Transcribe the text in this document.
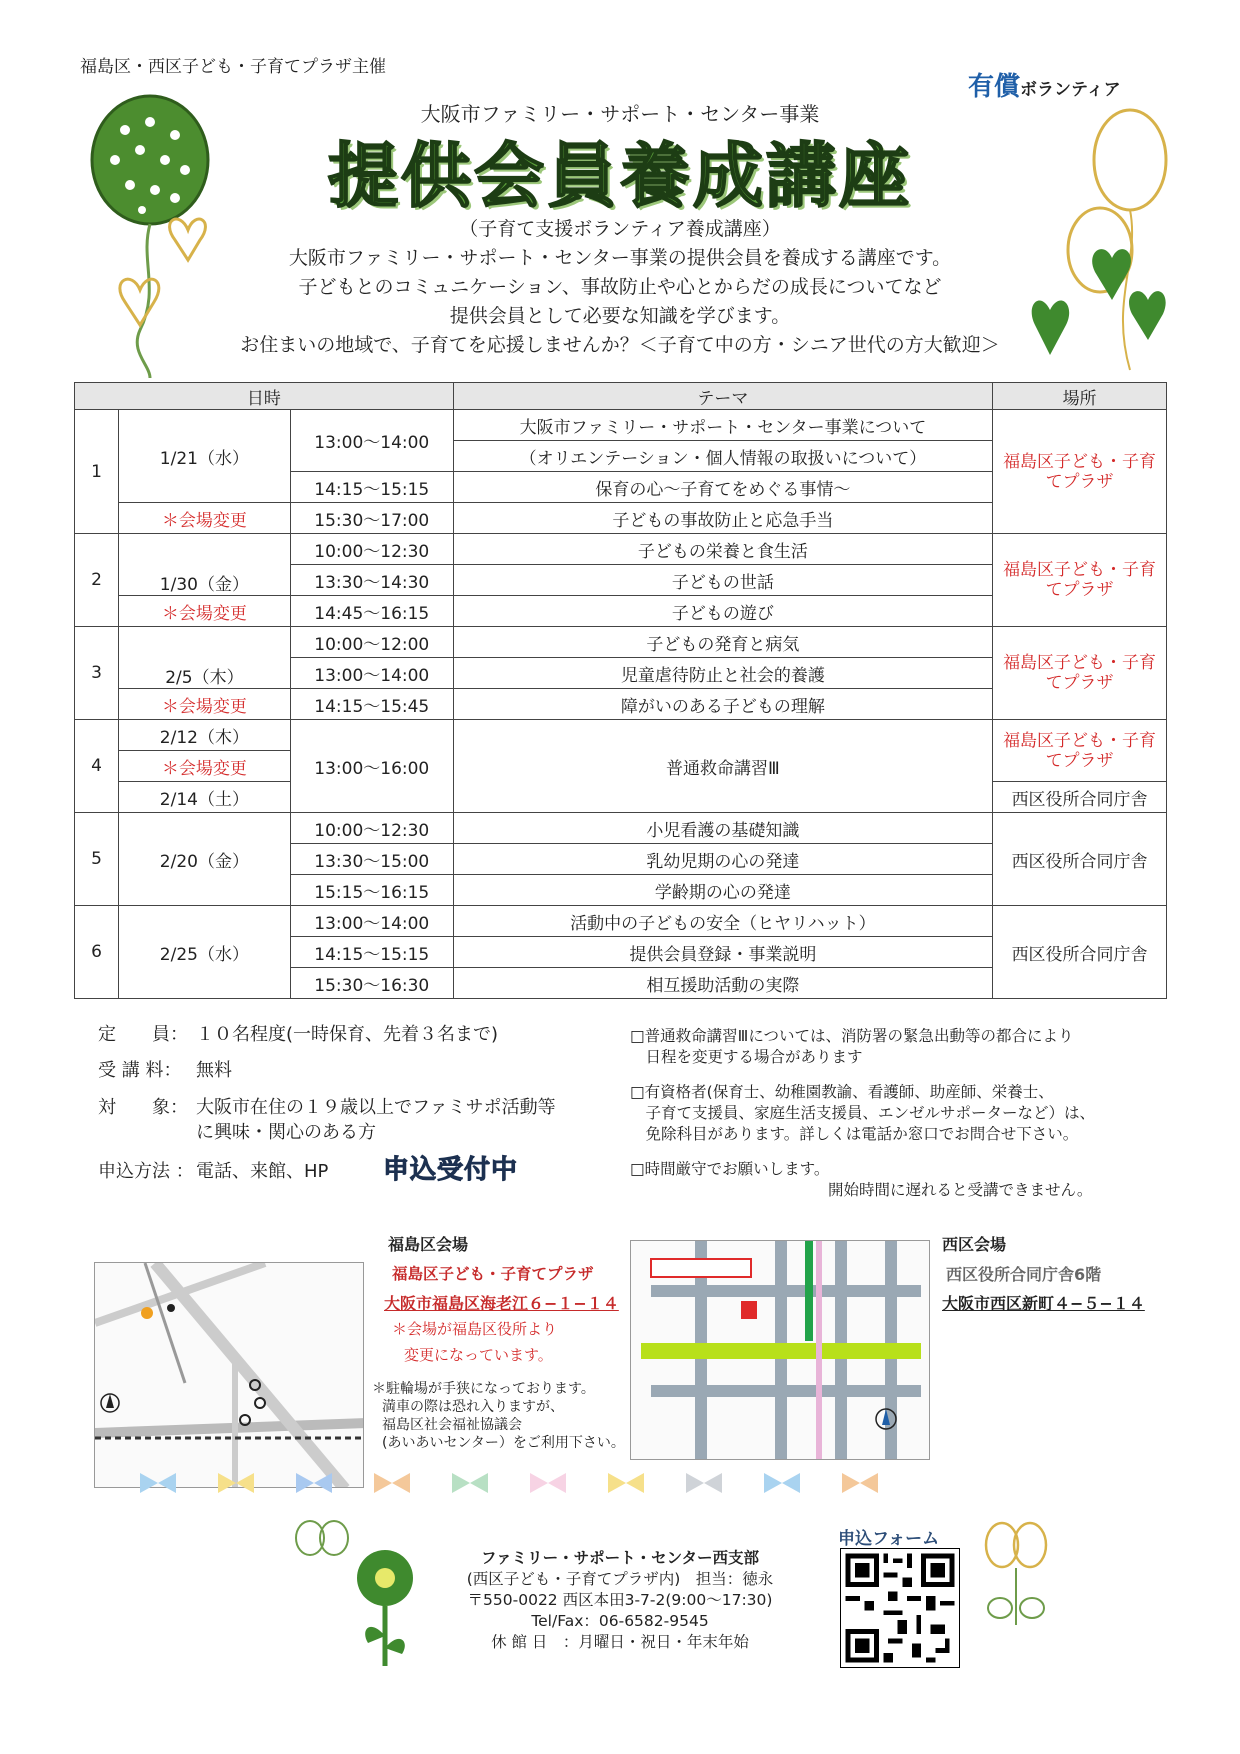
福島区・西区子ども・子育てプラザ主催
有償ボランティア
大阪市ファミリー・サポート・センター事業
提供会員養成講座
（子育て支援ボランティア養成講座）
大阪市ファミリー・サポート・センター事業の提供会員を養成する講座です。
子どもとのコミュニケーション、事故防止や心とからだの成長についてなど
提供会員として必要な知識を学びます。
お住まいの地域で、子育てを応援しませんか？＜子育て中の方・シニア世代の方大歓迎＞
日時			テーマ	場所
1	1/21（水）	13:00～14:00	大阪市ファミリー・サポート・センター事業について	福島区子ども・子育てプラザ
			（オリエンテーション・個人情報の取扱いについて）	
		14:15～15:15	保育の心～子育てをめぐる事情～	
	＊会場変更	15:30～17:00	子どもの事故防止と応急手当	
2	1/30（金）	10:00～12:30	子どもの栄養と食生活	福島区子ども・子育てプラザ
		13:30～14:30	子どもの世話	
	＊会場変更	14:45～16:15	子どもの遊び	
3	2/5（木）	10:00～12:00	子どもの発育と病気	福島区子ども・子育てプラザ
		13:00～14:00	児童虐待防止と社会的養護	
	＊会場変更	14:15～15:45	障がいのある子どもの理解	
4	2/12（木）	13:00～16:00	普通救命講習Ⅲ	福島区子ども・子育てプラザ
	＊会場変更			
	2/14（土）			西区役所合同庁舎
5	2/20（金）	10:00～12:30	小児看護の基礎知識	西区役所合同庁舎
		13:30～15:00	乳幼児期の心の発達	
		15:15～16:15	学齢期の心の発達	
6	2/25（水）	13:00～14:00	活動中の子どもの安全（ヒヤリハット）	西区役所合同庁舎
		14:15～15:15	提供会員登録・事業説明	
		15:30～16:30	相互援助活動の実際	
定　　員： １０名程度(一時保育、先着３名まで)
受 講 料： 無料
対　　象： 大阪市在住の１９歳以上でファミサポ活動等
に興味・関心のある方
申込方法 ： 電話、来館、HP 申込受付中
□普通救命講習Ⅲについては、消防署の緊急出動等の都合により
　日程を変更する場合があります
□有資格者(保育士、幼稚園教諭、看護師、助産師、栄養士、
　子育て支援員、家庭生活支援員、エンゼルサポーターなど）は、
　免除科目があります。詳しくは電話か窓口でお問合せ下さい。
□時間厳守でお願いします。
開始時間に遅れると受講できません。
福島区会場
福島区子ども・子育てプラザ
大阪市福島区海老江６−１−１４
＊会場が福島区役所より
変更になっています。
＊駐輪場が手狭になっております。
満車の際は恐れ入りますが、
福島区社会福祉協議会
(あいあいセンター）をご利用下さい。
西区会場
西区役所合同庁舎6階
大阪市西区新町４−５−１４
ファミリー・サポート・センター西支部
(西区子ども・子育てプラザ内)　担当：徳永
〒550-0022 西区本田3-7-2(9:00～17:30)
Tel/Fax：06-6582-9545
休 館 日　：月曜日・祝日・年末年始
申込フォーム
